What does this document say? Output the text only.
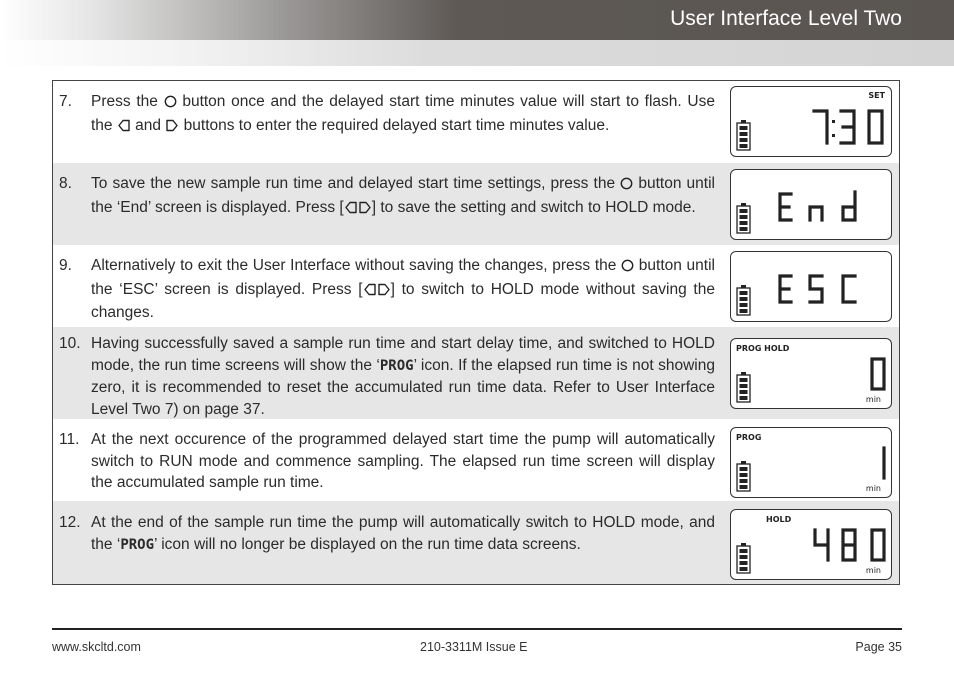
User Interface Level Two
7. Press the  button once and the delayed start time minutes value will start to flash. Use the  and  buttons to enter the required delayed start time minutes value.
SET
8. To save the new sample run time and delayed start time settings, press the  button until the ‘End’ screen is displayed. Press [ ] to save the setting and switch to HOLD mode.
9. Alternatively to exit the User Interface without saving the changes, press the  button until the ‘ESC’ screen is displayed. Press [ ] to switch to HOLD mode without saving the changes.
10. Having successfully saved a sample run time and start delay time, and switched to HOLD mode, the run time screens will show the ‘PROG’ icon. If the elapsed run time is not showing zero, it is recommended to reset the accumulated run time data. Refer to User Interface Level Two 7) on page 37.
PROG HOLD
min
11. At the next occurence of the programmed delayed start time the pump will automatically switch to RUN mode and commence sampling. The elapsed run time screen will display the accumulated sample run time.
PROG
min
12. At the end of the sample run time the pump will automatically switch to HOLD mode, and the ‘PROG’ icon will no longer be displayed on the run time data screens.
HOLD
min
www.skcltd.com	210-3311M Issue E	Page 35
